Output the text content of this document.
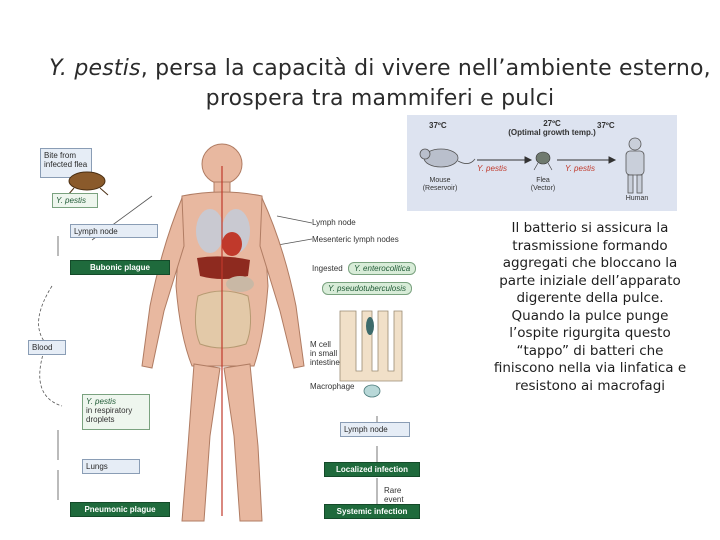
Y. pestis, persa la capacità di vivere nell’ambiente esterno, prospera tra mammiferi e pulci
37ºC	27ºC
(Optimal growth temp.)
37ºC
Y. pestis	Y. pestis
Mouse
(Reservoir)
Flea
(Vector)
Human
Bite from infected flea
Y. pestis
Lymph node
Bubonic plague
Blood
Y. pestis
in respiratory droplets
Lungs
Pneumonic plague
Lymph node
Mesenteric lymph nodes
Ingested	Y. enterocolitica
Y. pseudotuberculosis
M cell in small intestine
Macrophage
Lymph node
Localized infection
Rare event
Systemic infection
Il batterio si assicura la trasmissione formando aggregati che bloccano la parte iniziale dell’apparato digerente della pulce. Quando la pulce punge l’ospite rigurgita questo “tappo” di batteri che finiscono nella via linfatica e resistono ai macrofagi
